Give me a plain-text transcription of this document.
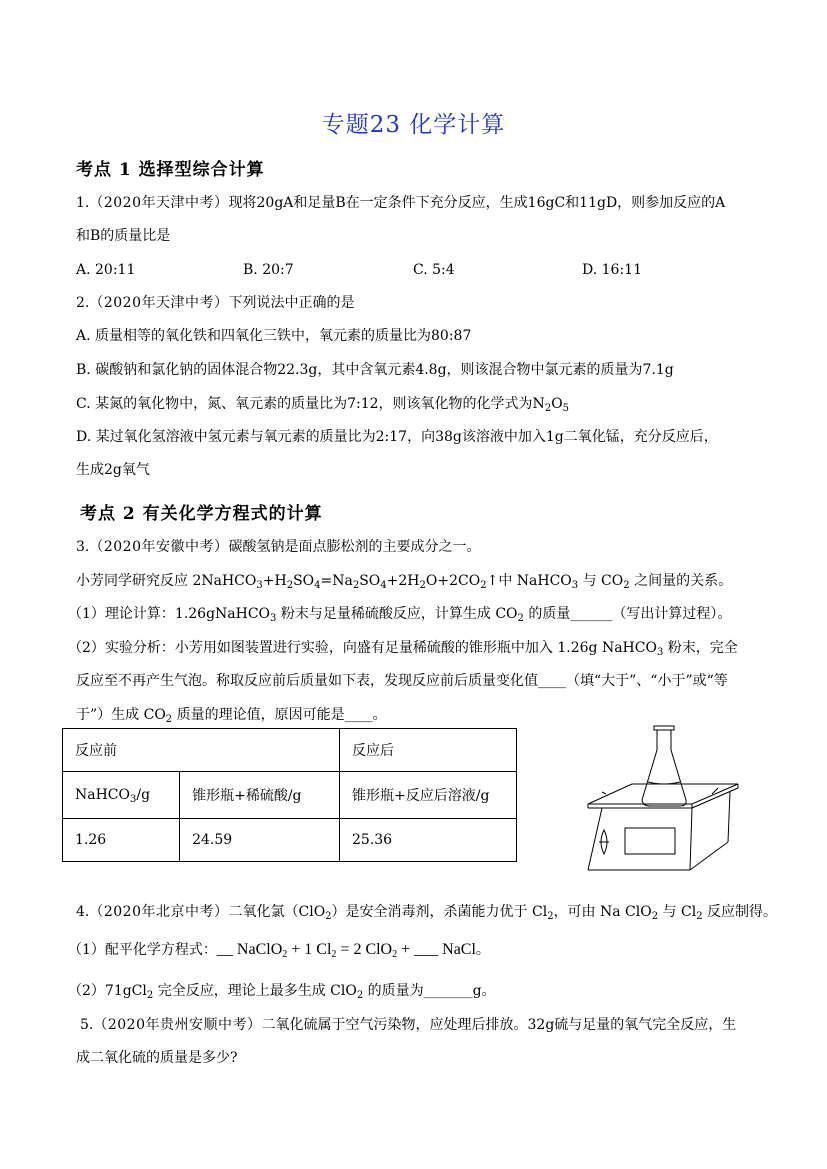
专题23 化学计算
考点 1 选择型综合计算
1.（2020年天津中考）现将20gA和足量B在一定条件下充分反应，生成16gC和11gD，则参加反应的A
和B的质量比是
A. 20:11	B. 20:7	C. 5:4	D. 16:11
2.（2020年天津中考）下列说法中正确的是
A. 质量相等的氧化铁和四氧化三铁中，氧元素的质量比为80:87
B. 碳酸钠和氯化钠的固体混合物22.3g，其中含氧元素4.8g，则该混合物中氯元素的质量为7.1g
C. 某氮的氧化物中，氮、氧元素的质量比为7:12，则该氧化物的化学式为$N_2O_5$
D. 某过氧化氢溶液中氢元素与氧元素的质量比为2:17，向38g该溶液中加入1g二氧化锰，充分反应后，
生成2g氧气
考点 2 有关化学方程式的计算
3.（2020年安徽中考）碳酸氢钠是面点膨松剂的主要成分之一。
小芳同学研究反应 $2NaHCO_3+H_2SO_4=Na_2SO_4+2H_2O+2CO_2↑$中 NaHCO$_3$ 与 $CO_2$ 之间量的关系。
（1）理论计算：1.26gNaHCO$_3$ 粉末与足量稀硫酸反应，计算生成 $CO_2$ 的质量______（写出计算过程）。
（2）实验分析：小芳用如图装置进行实验，向盛有足量稀硫酸的锥形瓶中加入 1.26g NaHCO$_3$ 粉末，完全
反应至不再产生气泡。称取反应前后质量如下表，发现反应前后质量变化值____（填“大于”、“小于”或“等
于”）生成 $CO_2$ 质量的理论值，原因可能是____。
反应前		反应后
NaHCO$_3$/g	锥形瓶+稀硫酸/g	锥形瓶+反应后溶液/g
1.26	24.59	25.36
4.（2020年北京中考）二氧化氯（ClO$_2$）是安全消毒剂，杀菌能力优于 $Cl_2$，可由 Na ClO$_2$ 与 $Cl_2$ 反应制得。
（1）配平化学方程式：__ NaClO$_2$ + 1 $Cl_2 = 2$ ClO$_2$ + ___ NaCl。
（2）71gCl$_2$ 完全反应，理论上最多生成 ClO$_2$ 的质量为_______g。
5.（2020年贵州安顺中考）二氧化硫属于空气污染物，应处理后排放。32g硫与足量的氧气完全反应，生
成二氧化硫的质量是多少?
